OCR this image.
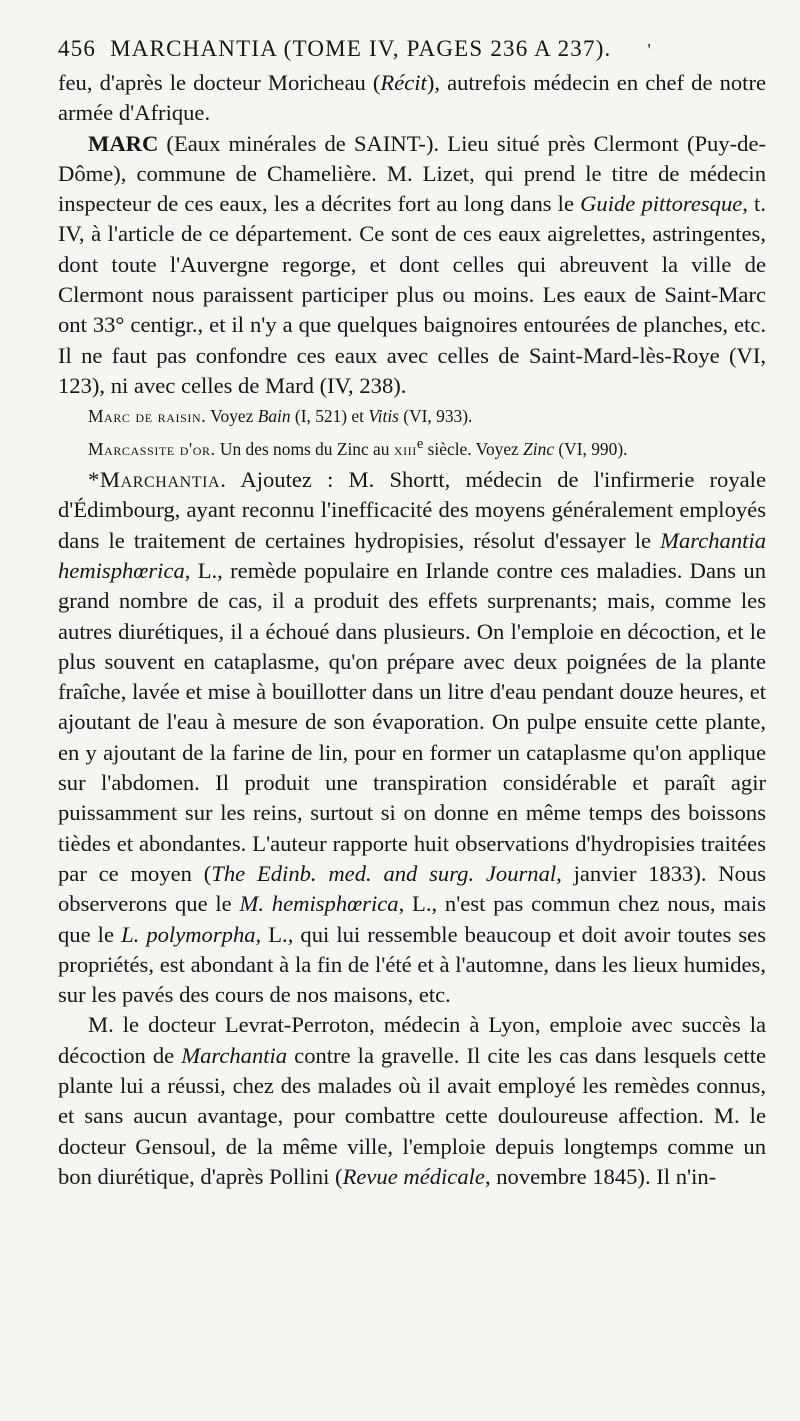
456 MARCHANTIA (TOME IV, PAGES 236 A 237). '

feu, d'après le docteur Moricheau (Récit), autrefois médecin en chef de notre armée d'Afrique.

MARC (Eaux minérales de SAINT-). Lieu situé près Clermont (Puy-de-Dôme), commune de Chamelière. M. Lizet, qui prend le titre de médecin inspecteur de ces eaux, les a décrites fort au long dans le Guide pittoresque, t. IV, à l'article de ce département. Ce sont de ces eaux aigrelettes, astringentes, dont toute l'Auvergne regorge, et dont celles qui abreuvent la ville de Clermont nous paraissent participer plus ou moins. Les eaux de Saint-Marc ont 33° centigr., et il n'y a que quelques baignoires entourées de planches, etc. Il ne faut pas confondre ces eaux avec celles de Saint-Mard-lès-Roye (VI, 123), ni avec celles de Mard (IV, 238).

Marc de raisin. Voyez Bain (I, 521) et Vitis (VI, 933).

Marcassite d'or. Un des noms du Zinc au xiii$^e$ siècle. Voyez Zinc (VI, 990).

*Marchantia. Ajoutez : M. Shortt, médecin de l'infirmerie royale d'Édimbourg, ayant reconnu l'inefficacité des moyens généralement employés dans le traitement de certaines hydropisies, résolut d'essayer le Marchantia hemisphœrica, L., remède populaire en Irlande contre ces maladies. Dans un grand nombre de cas, il a produit des effets surprenants; mais, comme les autres diurétiques, il a échoué dans plusieurs. On l'emploie en décoction, et le plus souvent en cataplasme, qu'on prépare avec deux poignées de la plante fraîche, lavée et mise à bouillotter dans un litre d'eau pendant douze heures, et ajoutant de l'eau à mesure de son évaporation. On pulpe ensuite cette plante, en y ajoutant de la farine de lin, pour en former un cataplasme qu'on applique sur l'abdomen. Il produit une transpiration considérable et paraît agir puissamment sur les reins, surtout si on donne en même temps des boissons tièdes et abondantes. L'auteur rapporte huit observations d'hydropisies traitées par ce moyen (The Edinb. med. and surg. Journal, janvier 1833). Nous observerons que le M. hemisphœrica, L., n'est pas commun chez nous, mais que le L. polymorpha, L., qui lui ressemble beaucoup et doit avoir toutes ses propriétés, est abondant à la fin de l'été et à l'automne, dans les lieux humides, sur les pavés des cours de nos maisons, etc.

M. le docteur Levrat-Perroton, médecin à Lyon, emploie avec succès la décoction de Marchantia contre la gravelle. Il cite les cas dans lesquels cette plante lui a réussi, chez des malades où il avait employé les remèdes connus, et sans aucun avantage, pour combattre cette douloureuse affection. M. le docteur Gensoul, de la même ville, l'emploie depuis longtemps comme un bon diurétique, d'après Pollini (Revue médicale, novembre 1845). Il n'in-
